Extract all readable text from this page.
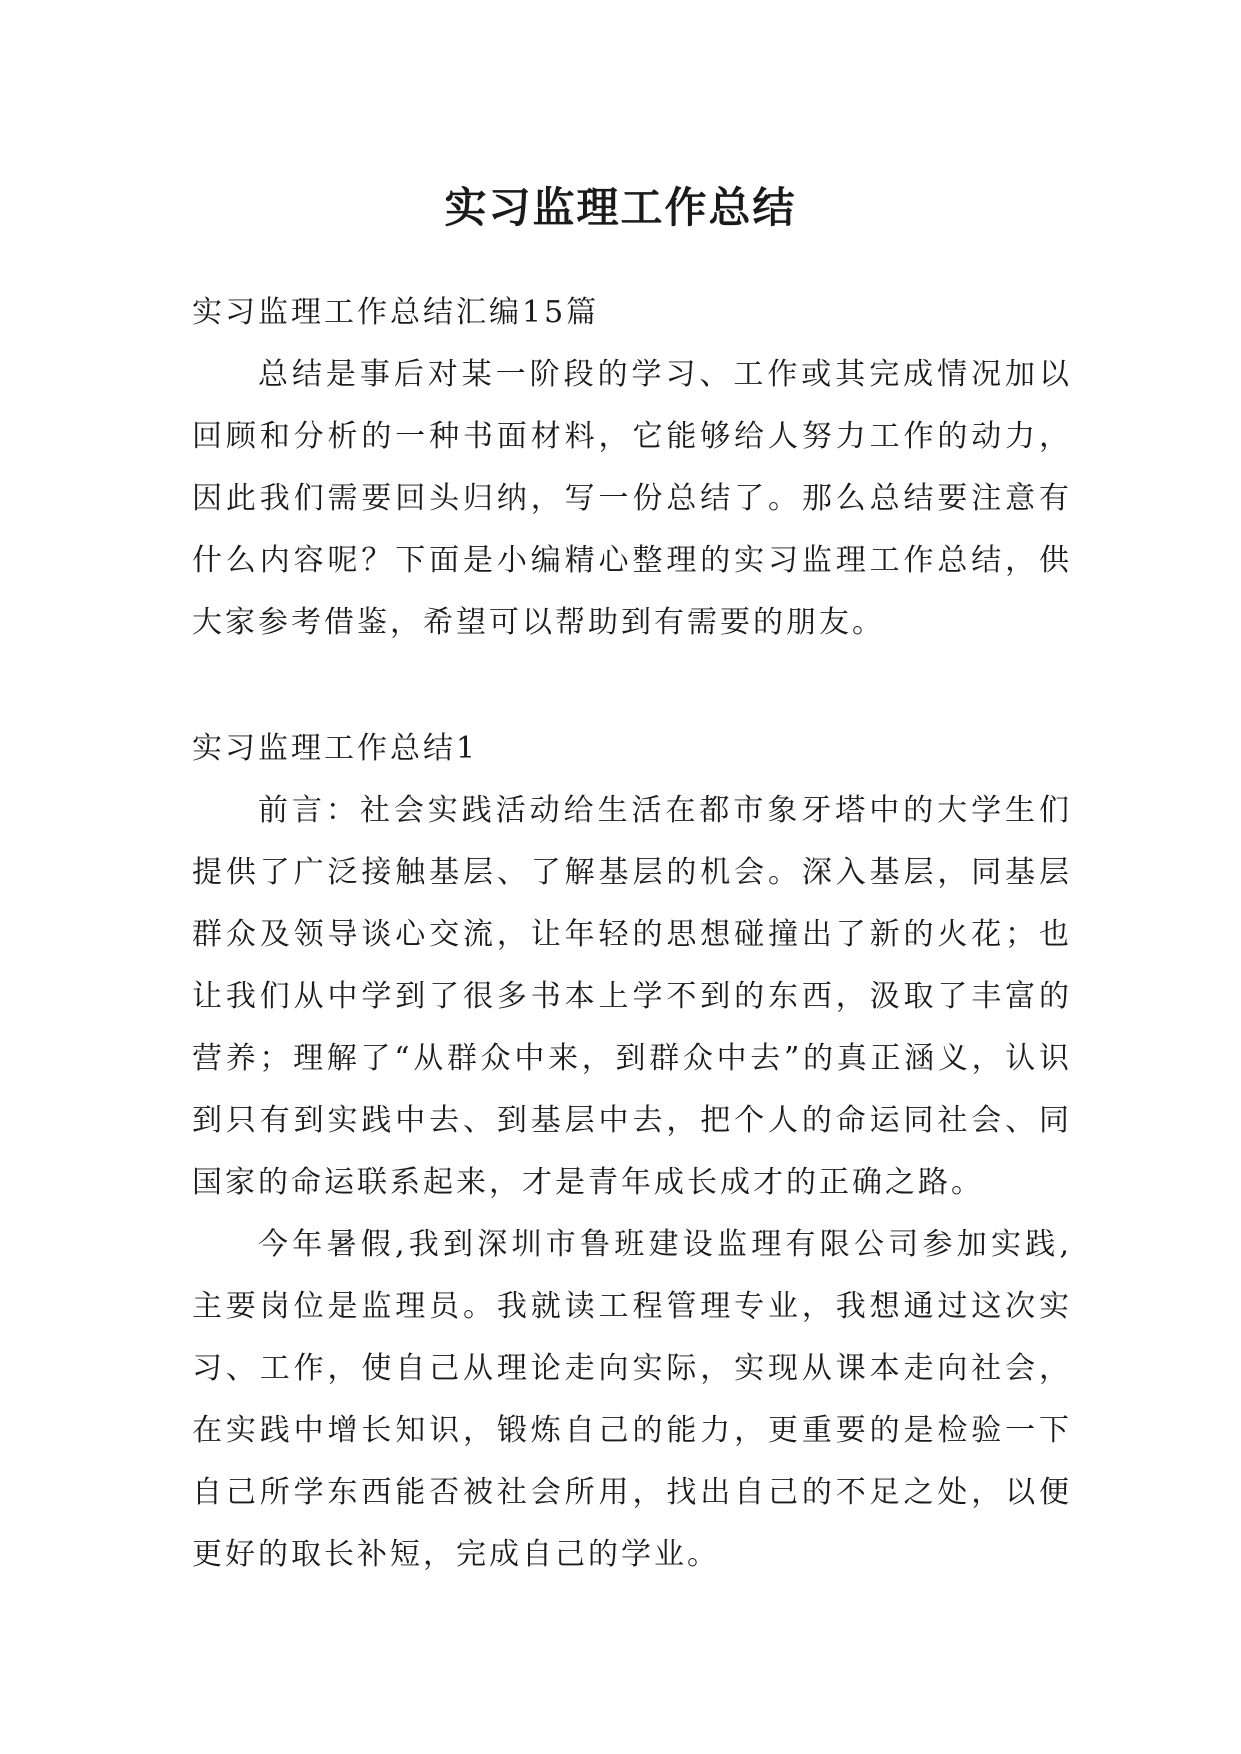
实习监理工作总结

实习监理工作总结汇编15篇

总结是事后对某一阶段的学习、工作或其完成情况加以回顾和分析的一种书面材料，它能够给人努力工作的动力，因此我们需要回头归纳，写一份总结了。那么总结要注意有什么内容呢？下面是小编精心整理的实习监理工作总结，供大家参考借鉴，希望可以帮助到有需要的朋友。

实习监理工作总结1

前言：社会实践活动给生活在都市象牙塔中的大学生们提供了广泛接触基层、了解基层的机会。深入基层，同基层群众及领导谈心交流，让年轻的思想碰撞出了新的火花；也让我们从中学到了很多书本上学不到的东西，汲取了丰富的营养；理解了“从群众中来，到群众中去”的真正涵义，认识到只有到实践中去、到基层中去，把个人的命运同社会、同国家的命运联系起来，才是青年成长成才的正确之路。

今年暑假,我到深圳市鲁班建设监理有限公司参加实践,主要岗位是监理员。我就读工程管理专业，我想通过这次实习、工作，使自己从理论走向实际，实现从课本走向社会，在实践中增长知识，锻炼自己的能力，更重要的是检验一下自己所学东西能否被社会所用，找出自己的不足之处，以便更好的取长补短，完成自己的学业。
